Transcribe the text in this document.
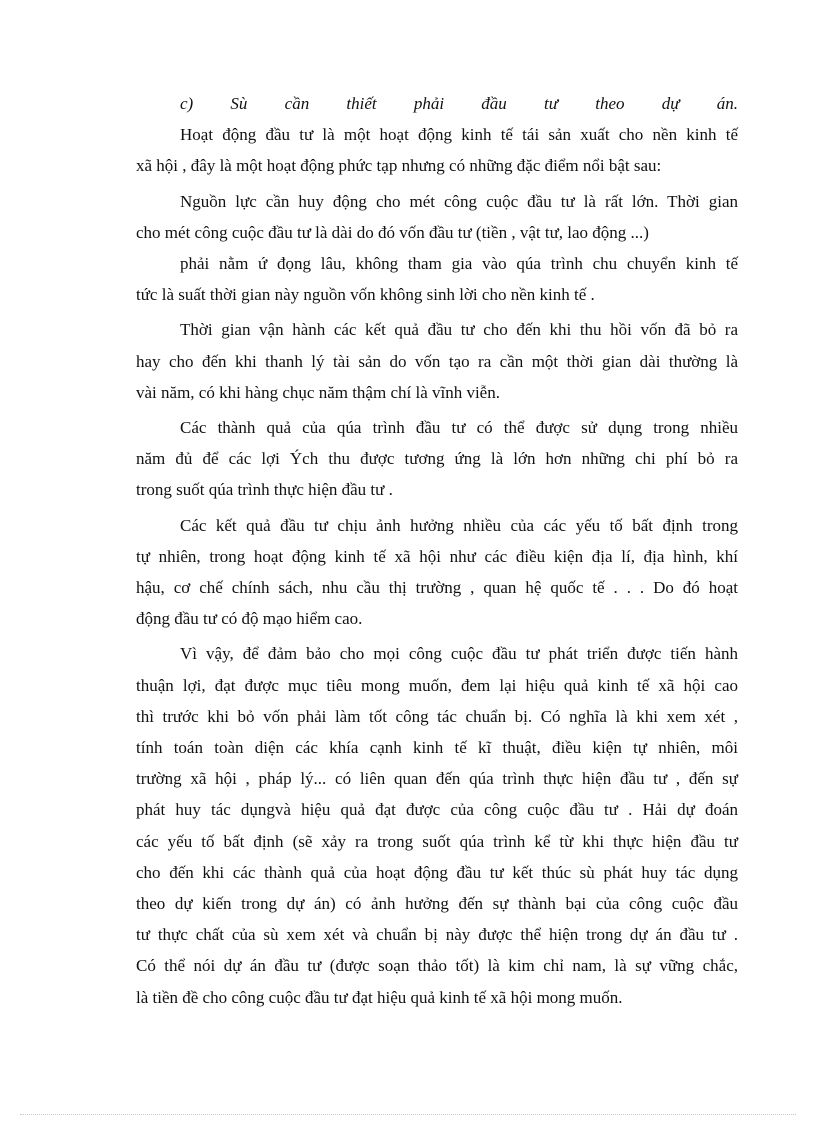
c) Sù cần thiết phải đầu tư theo dự án.

Hoạt động đầu tư là một hoạt động kinh tế tái sản xuất cho nền kinh tế
xã hội , đây là một hoạt động phức tạp nhưng có những đặc điểm nổi bật sau:
Nguồn lực cần huy động cho mét công cuộc đầu tư là rất lớn. Thời gian
cho mét công cuộc đầu tư là dài do đó vốn đầu tư (tiền , vật tư, lao động ...)
phải nằm ứ đọng lâu, không tham gia vào qúa trình chu chuyển kinh tế
tức là suất thời gian này nguồn vốn không sinh lời cho nền kinh tế .
Thời gian vận hành các kết quả đầu tư cho đến khi thu hồi vốn đã bỏ ra
hay cho đến khi thanh lý tài sản do vốn tạo ra cần một thời gian dài thường là
vài năm, có khi hàng chục năm thậm chí là vĩnh viễn.
Các thành quả của qúa trình đầu tư có thể được sử dụng trong nhiều
năm đủ để các lợi Ých thu được tương ứng là lớn hơn những chi phí bỏ ra
trong suốt qúa trình thực hiện đầu tư .
Các kết quả đầu tư chịu ảnh hưởng nhiều của các yếu tố bất định trong
tự nhiên, trong hoạt động kinh tế xã hội như các điều kiện địa lí, địa hình, khí
hậu, cơ chế chính sách, nhu cầu thị trường , quan hệ quốc tế . . . Do đó hoạt
động đầu tư có độ mạo hiểm cao.
Vì vậy, để đảm bảo cho mọi công cuộc đầu tư phát triển được tiến hành
thuận lợi, đạt được mục tiêu mong muốn, đem lại hiệu quả kinh tế xã hội cao
thì trước khi bỏ vốn phải làm tốt công tác chuẩn bị. Có nghĩa là khi xem xét ,
tính toán toàn diện các khía cạnh kinh tế kĩ thuật, điều kiện tự nhiên, môi
trường xã hội , pháp lý... có liên quan đến qúa trình thực hiện đầu tư , đến sự
phát huy tác dụngvà hiệu quả đạt được của công cuộc đầu tư . Hải dự đoán
các yếu tố bất định (sẽ xảy ra trong suốt qúa trình kể từ khi thực hiện đầu tư
cho đến khi các thành quả của hoạt động đầu tư kết thúc sù phát huy tác dụng
theo dự kiến trong dự án) có ảnh hưởng đến sự thành bại của công cuộc đầu
tư thực chất của sù xem xét và chuẩn bị này được thể hiện trong dự án đầu tư .
Có thể nói dự án đầu tư (được soạn thảo tốt) là kim chỉ nam, là sự vững chắc,
là tiền đề cho công cuộc đầu tư đạt hiệu quả kinh tế xã hội mong muốn.
